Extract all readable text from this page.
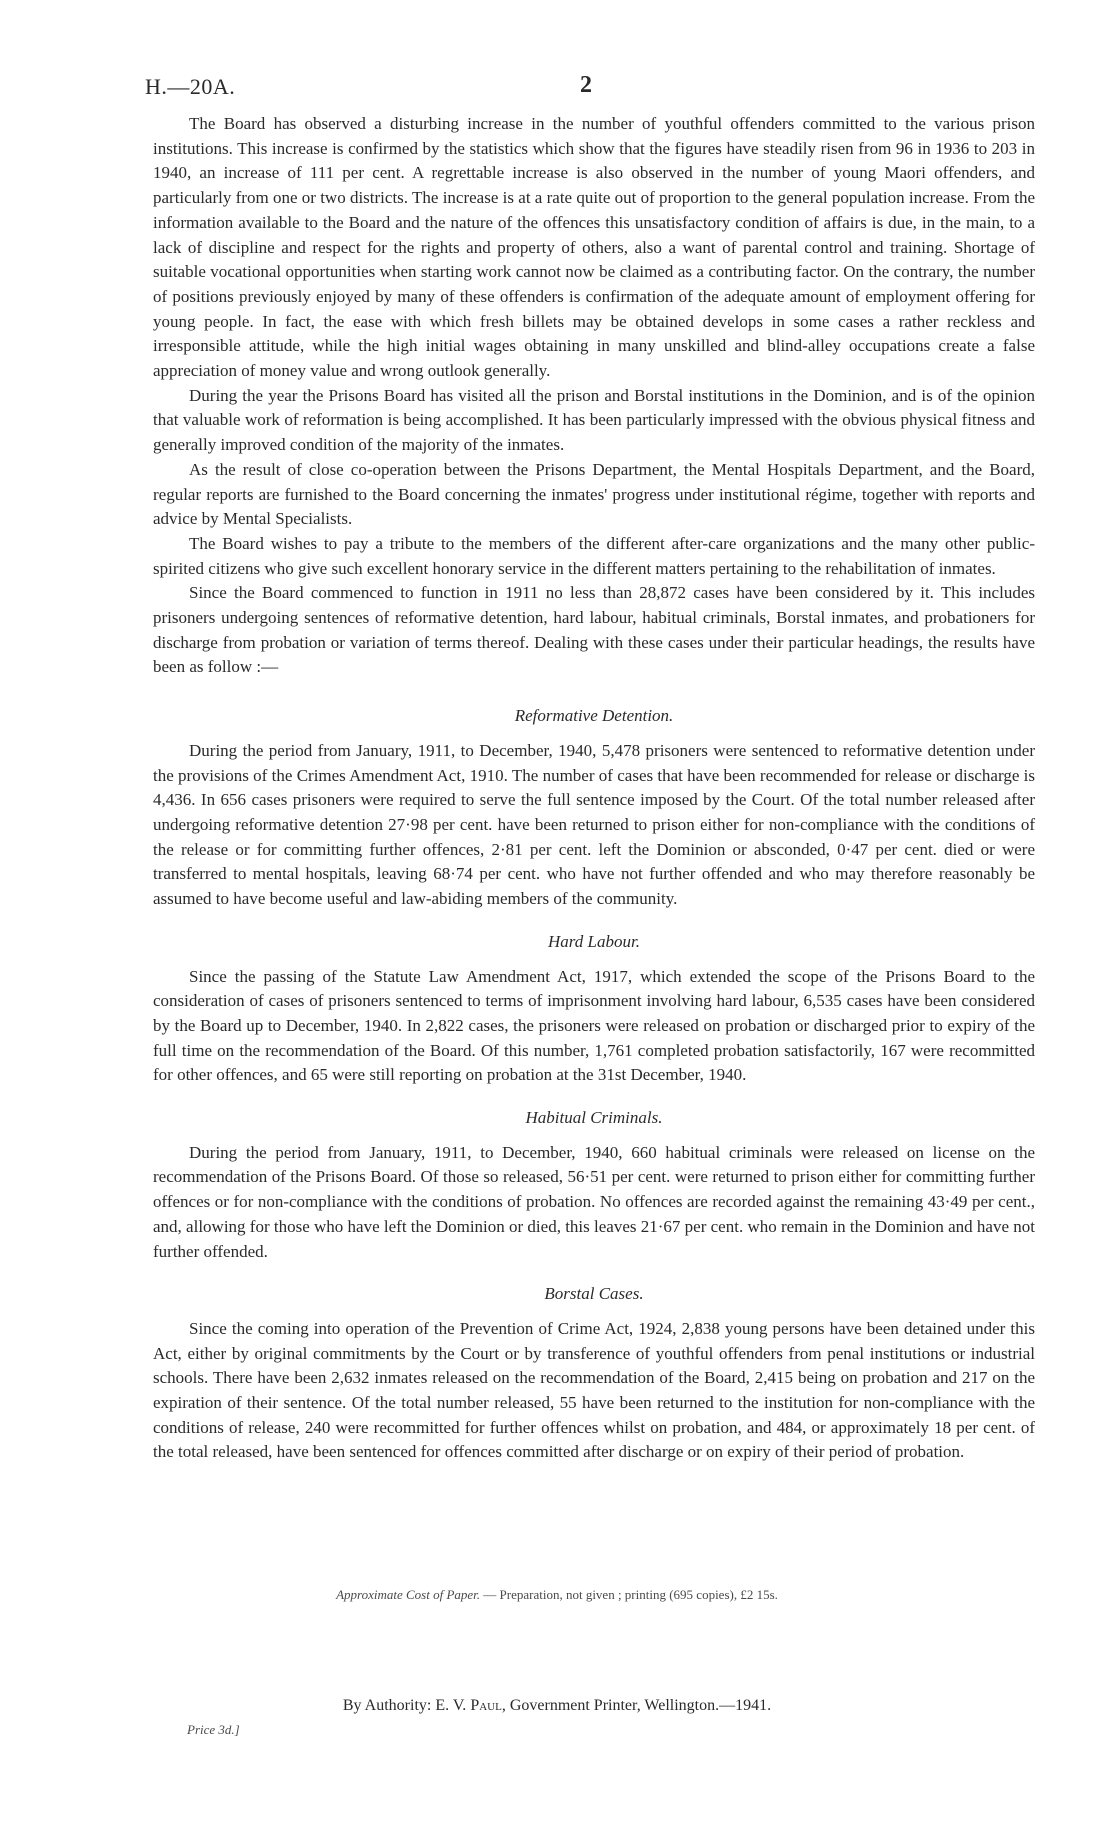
H.—20A.	2

The Board has observed a disturbing increase in the number of youthful offenders committed to the various prison institutions. This increase is confirmed by the statistics which show that the figures have steadily risen from 96 in 1936 to 203 in 1940, an increase of 111 per cent. A regrettable increase is also observed in the number of young Maori offenders, and particularly from one or two districts. The increase is at a rate quite out of proportion to the general population increase. From the information available to the Board and the nature of the offences this unsatisfactory condition of affairs is due, in the main, to a lack of discipline and respect for the rights and property of others, also a want of parental control and training. Shortage of suitable vocational opportunities when starting work cannot now be claimed as a contributing factor. On the contrary, the number of positions previously enjoyed by many of these offenders is confirmation of the adequate amount of employment offering for young people. In fact, the ease with which fresh billets may be obtained develops in some cases a rather reckless and irresponsible attitude, while the high initial wages obtaining in many unskilled and blind-alley occupations create a false appreciation of money value and wrong outlook generally.

During the year the Prisons Board has visited all the prison and Borstal institutions in the Dominion, and is of the opinion that valuable work of reformation is being accomplished. It has been particularly impressed with the obvious physical fitness and generally improved condition of the majority of the inmates.

As the result of close co-operation between the Prisons Department, the Mental Hospitals Department, and the Board, regular reports are furnished to the Board concerning the inmates' progress under institutional régime, together with reports and advice by Mental Specialists.

The Board wishes to pay a tribute to the members of the different after-care organizations and the many other public-spirited citizens who give such excellent honorary service in the different matters pertaining to the rehabilitation of inmates.

Since the Board commenced to function in 1911 no less than 28,872 cases have been considered by it. This includes prisoners undergoing sentences of reformative detention, hard labour, habitual criminals, Borstal inmates, and probationers for discharge from probation or variation of terms thereof. Dealing with these cases under their particular headings, the results have been as follow :—

Reformative Detention.

During the period from January, 1911, to December, 1940, 5,478 prisoners were sentenced to reformative detention under the provisions of the Crimes Amendment Act, 1910. The number of cases that have been recommended for release or discharge is 4,436. In 656 cases prisoners were required to serve the full sentence imposed by the Court. Of the total number released after undergoing reformative detention 27·98 per cent. have been returned to prison either for non-compliance with the conditions of the release or for committing further offences, 2·81 per cent. left the Dominion or absconded, 0·47 per cent. died or were transferred to mental hospitals, leaving 68·74 per cent. who have not further offended and who may therefore reasonably be assumed to have become useful and law-abiding members of the community.

Hard Labour.

Since the passing of the Statute Law Amendment Act, 1917, which extended the scope of the Prisons Board to the consideration of cases of prisoners sentenced to terms of imprisonment involving hard labour, 6,535 cases have been considered by the Board up to December, 1940. In 2,822 cases, the prisoners were released on probation or discharged prior to expiry of the full time on the recommendation of the Board. Of this number, 1,761 completed probation satisfactorily, 167 were recommitted for other offences, and 65 were still reporting on probation at the 31st December, 1940.

Habitual Criminals.

During the period from January, 1911, to December, 1940, 660 habitual criminals were released on license on the recommendation of the Prisons Board. Of those so released, 56·51 per cent. were returned to prison either for committing further offences or for non-compliance with the conditions of probation. No offences are recorded against the remaining 43·49 per cent., and, allowing for those who have left the Dominion or died, this leaves 21·67 per cent. who remain in the Dominion and have not further offended.

Borstal Cases.

Since the coming into operation of the Prevention of Crime Act, 1924, 2,838 young persons have been detained under this Act, either by original commitments by the Court or by transference of youthful offenders from penal institutions or industrial schools. There have been 2,632 inmates released on the recommendation of the Board, 2,415 being on probation and 217 on the expiration of their sentence. Of the total number released, 55 have been returned to the institution for non-compliance with the conditions of release, 240 were recommitted for further offences whilst on probation, and 484, or approximately 18 per cent. of the total released, have been sentenced for offences committed after discharge or on expiry of their period of probation.

Approximate Cost of Paper. — Preparation, not given ; printing (695 copies), £2 15s.
By Authority: E. V. Paul, Government Printer, Wellington.—1941.
Price 3d.]
